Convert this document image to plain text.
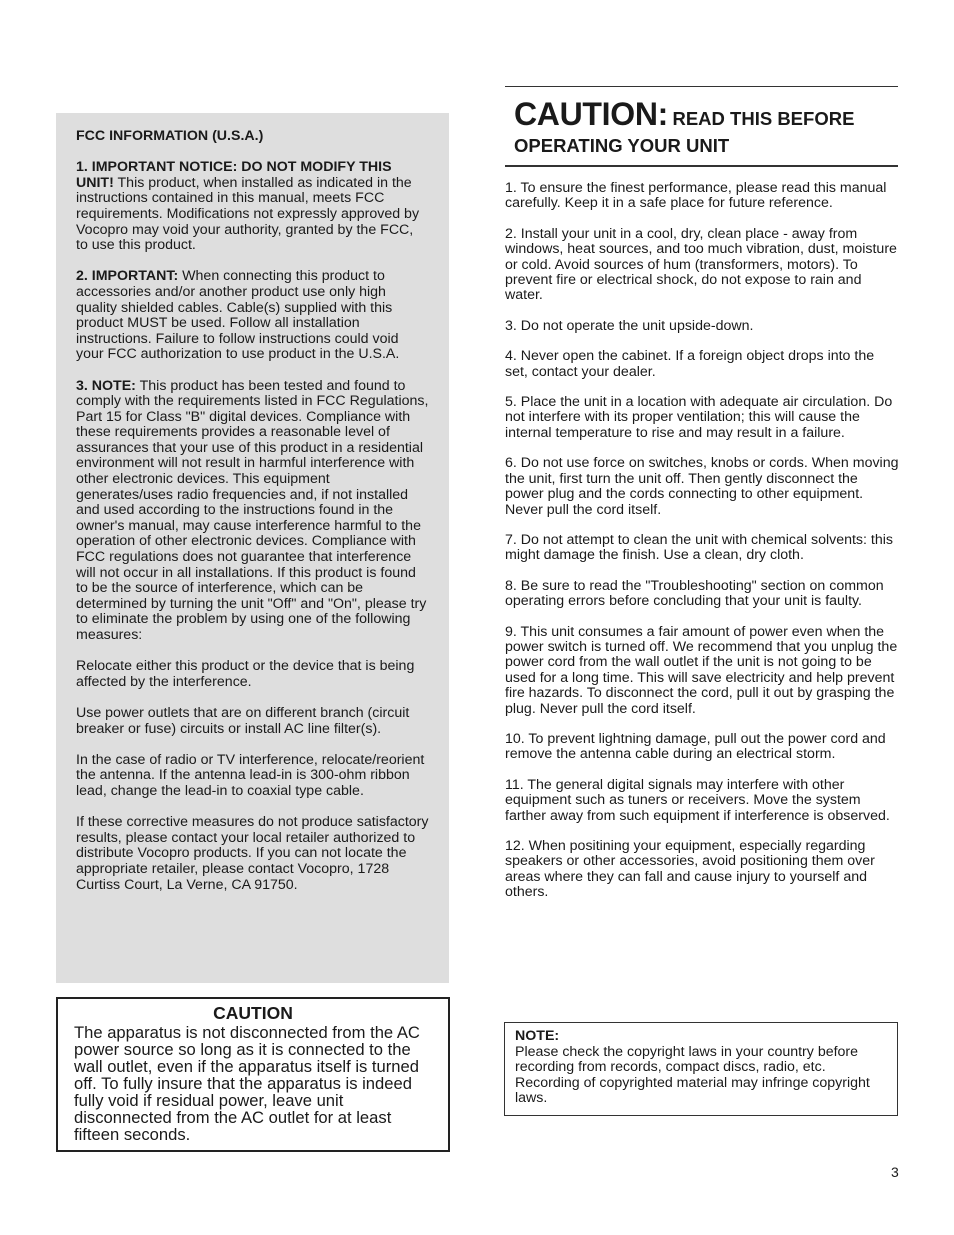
FCC INFORMATION (U.S.A.)

1. IMPORTANT NOTICE: DO NOT MODIFY THIS UNIT! This product, when installed as indicated in the instructions contained in this manual, meets FCC requirements. Modifications not expressly approved by Vocopro may void your authority, granted by the FCC, to use this product.

2. IMPORTANT: When connecting this product to accessories and/or another product use only high quality shielded cables. Cable(s) supplied with this product MUST be used. Follow all installation instructions. Failure to follow instructions could void your FCC authorization to use product in the U.S.A.

3. NOTE: This product has been tested and found to comply with the requirements listed in FCC Regulations, Part 15 for Class "B" digital devices. Compliance with these requirements provides a reasonable level of assurances that your use of this product in a residential environment will not result in harmful interference with other electronic devices. This equipment generates/uses radio frequencies and, if not installed and used according to the instructions found in the owner's manual, may cause interference harmful to the operation of other electronic devices. Compliance with FCC regulations does not guarantee that interference will not occur in all installations. If this product is found to be the source of interference, which can be determined by turning the unit "Off" and "On", please try to eliminate the problem by using one of the following measures:

Relocate either this product or the device that is being affected by the interference.

Use power outlets that are on different branch (circuit breaker or fuse) circuits or install AC line filter(s).

In the case of radio or TV interference, relocate/reorient the antenna. If the antenna lead-in is 300-ohm ribbon lead, change the lead-in to coaxial type cable.

If these corrective measures do not produce satisfactory results, please contact your local retailer authorized to distribute Vocopro products. If you can not locate the appropriate retailer, please contact Vocopro, 1728 Curtiss Court, La Verne, CA 91750.

CAUTION
The apparatus is not disconnected from the AC power source so long as it is connected to the wall outlet, even if the apparatus itself is turned off. To fully insure that the apparatus is indeed fully void if residual power, leave unit disconnected from the AC outlet for at least fifteen seconds.
CAUTION: READ THIS BEFORE
OPERATING YOUR UNIT

1. To ensure the finest performance, please read this manual carefully. Keep it in a safe place for future reference.

2. Install your unit in a cool, dry, clean place - away from windows, heat sources, and too much vibration, dust, moisture or cold. Avoid sources of hum (transformers, motors). To prevent fire or electrical shock, do not expose to rain and water.

3. Do not operate the unit upside-down.

4. Never open the cabinet. If a foreign object drops into the set, contact your dealer.

5. Place the unit in a location with adequate air circulation. Do not interfere with its proper ventilation; this will cause the internal temperature to rise and may result in a failure.

6. Do not use force on switches, knobs or cords. When moving the unit, first turn the unit off. Then gently disconnect the power plug and the cords connecting to other equipment. Never pull the cord itself.

7. Do not attempt to clean the unit with chemical solvents: this might damage the finish. Use a clean, dry cloth.

8. Be sure to read the "Troubleshooting" section on common operating errors before concluding that your unit is faulty.

9. This unit consumes a fair amount of power even when the power switch is turned off. We recommend that you unplug the power cord from the wall outlet if the unit is not going to be used for a long time. This will save electricity and help prevent fire hazards. To disconnect the cord, pull it out by grasping the plug. Never pull the cord itself.

10. To prevent lightning damage, pull out the power cord and remove the antenna cable during an electrical storm.

11. The general digital signals may interfere with other equipment such as tuners or receivers. Move the system farther away from such equipment if interference is observed.

12. When positining your equipment, especially regarding speakers or other accessories, avoid positioning them over areas where they can fall and cause injury to yourself and others.

NOTE:
Please check the copyright laws in your country before recording from records, compact discs, radio, etc. Recording of copyrighted material may infringe copyright laws.
3
